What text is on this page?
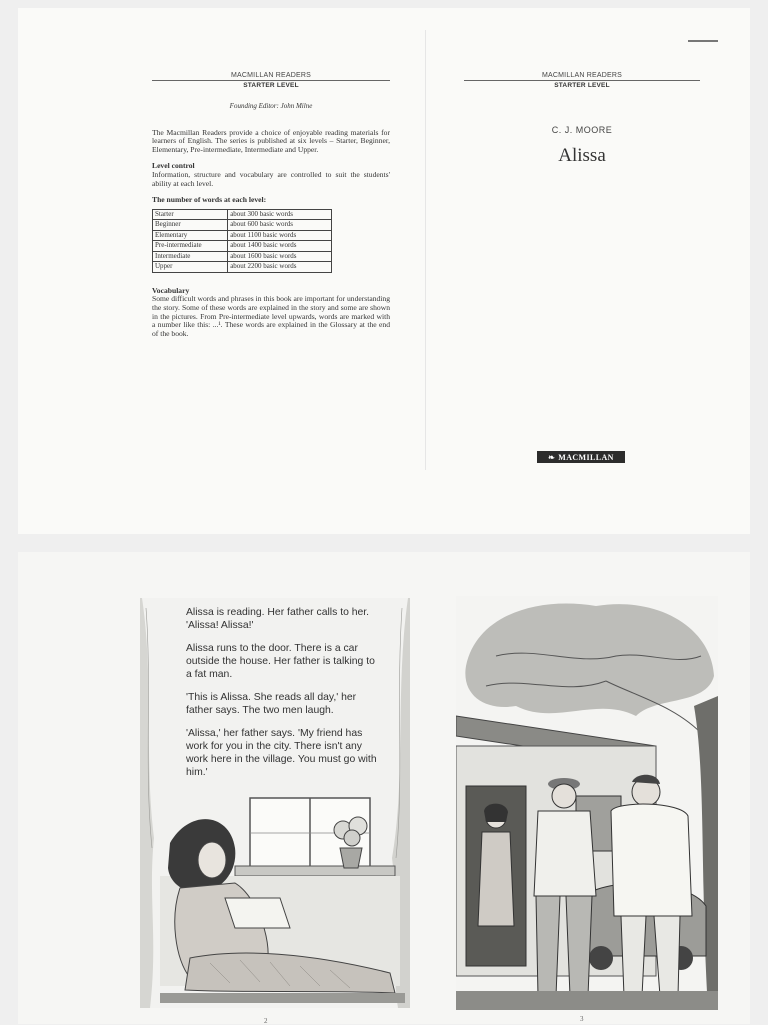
MACMILLAN READERS
STARTER LEVEL
MACMILLAN READERS
STARTER LEVEL
Founding Editor: John Milne

The Macmillan Readers provide a choice of enjoyable reading materials for learners of English. The series is published at six levels – Starter, Beginner, Elementary, Pre-intermediate, Intermediate and Upper.

Level control

Information, structure and vocabulary are controlled to suit the students' ability at each level.

The number of words at each level:
Starter	about 300 basic words
Beginner	about 600 basic words
Elementary	about 1100 basic words
Pre-intermediate	about 1400 basic words
Intermediate	about 1600 basic words
Upper	about 2200 basic words
Vocabulary

Some difficult words and phrases in this book are important for understanding the story. Some of these words are explained in the story and some are shown in the pictures. From Pre-intermediate level upwards, words are marked with a number like this: ...¹. These words are explained in the Glossary at the end of the book.

C. J. MOORE
Alissa
❧ MACMILLAN

Alissa is reading. Her father calls to her. 'Alissa! Alissa!'

Alissa runs to the door. There is a car outside the house. Her father is talking to a fat man.

'This is Alissa. She reads all day,' her father says. The two men laugh.

'Alissa,' her father says. 'My friend has work for you in the city. There isn't any work here in the village. You must go with him.'

2	3
